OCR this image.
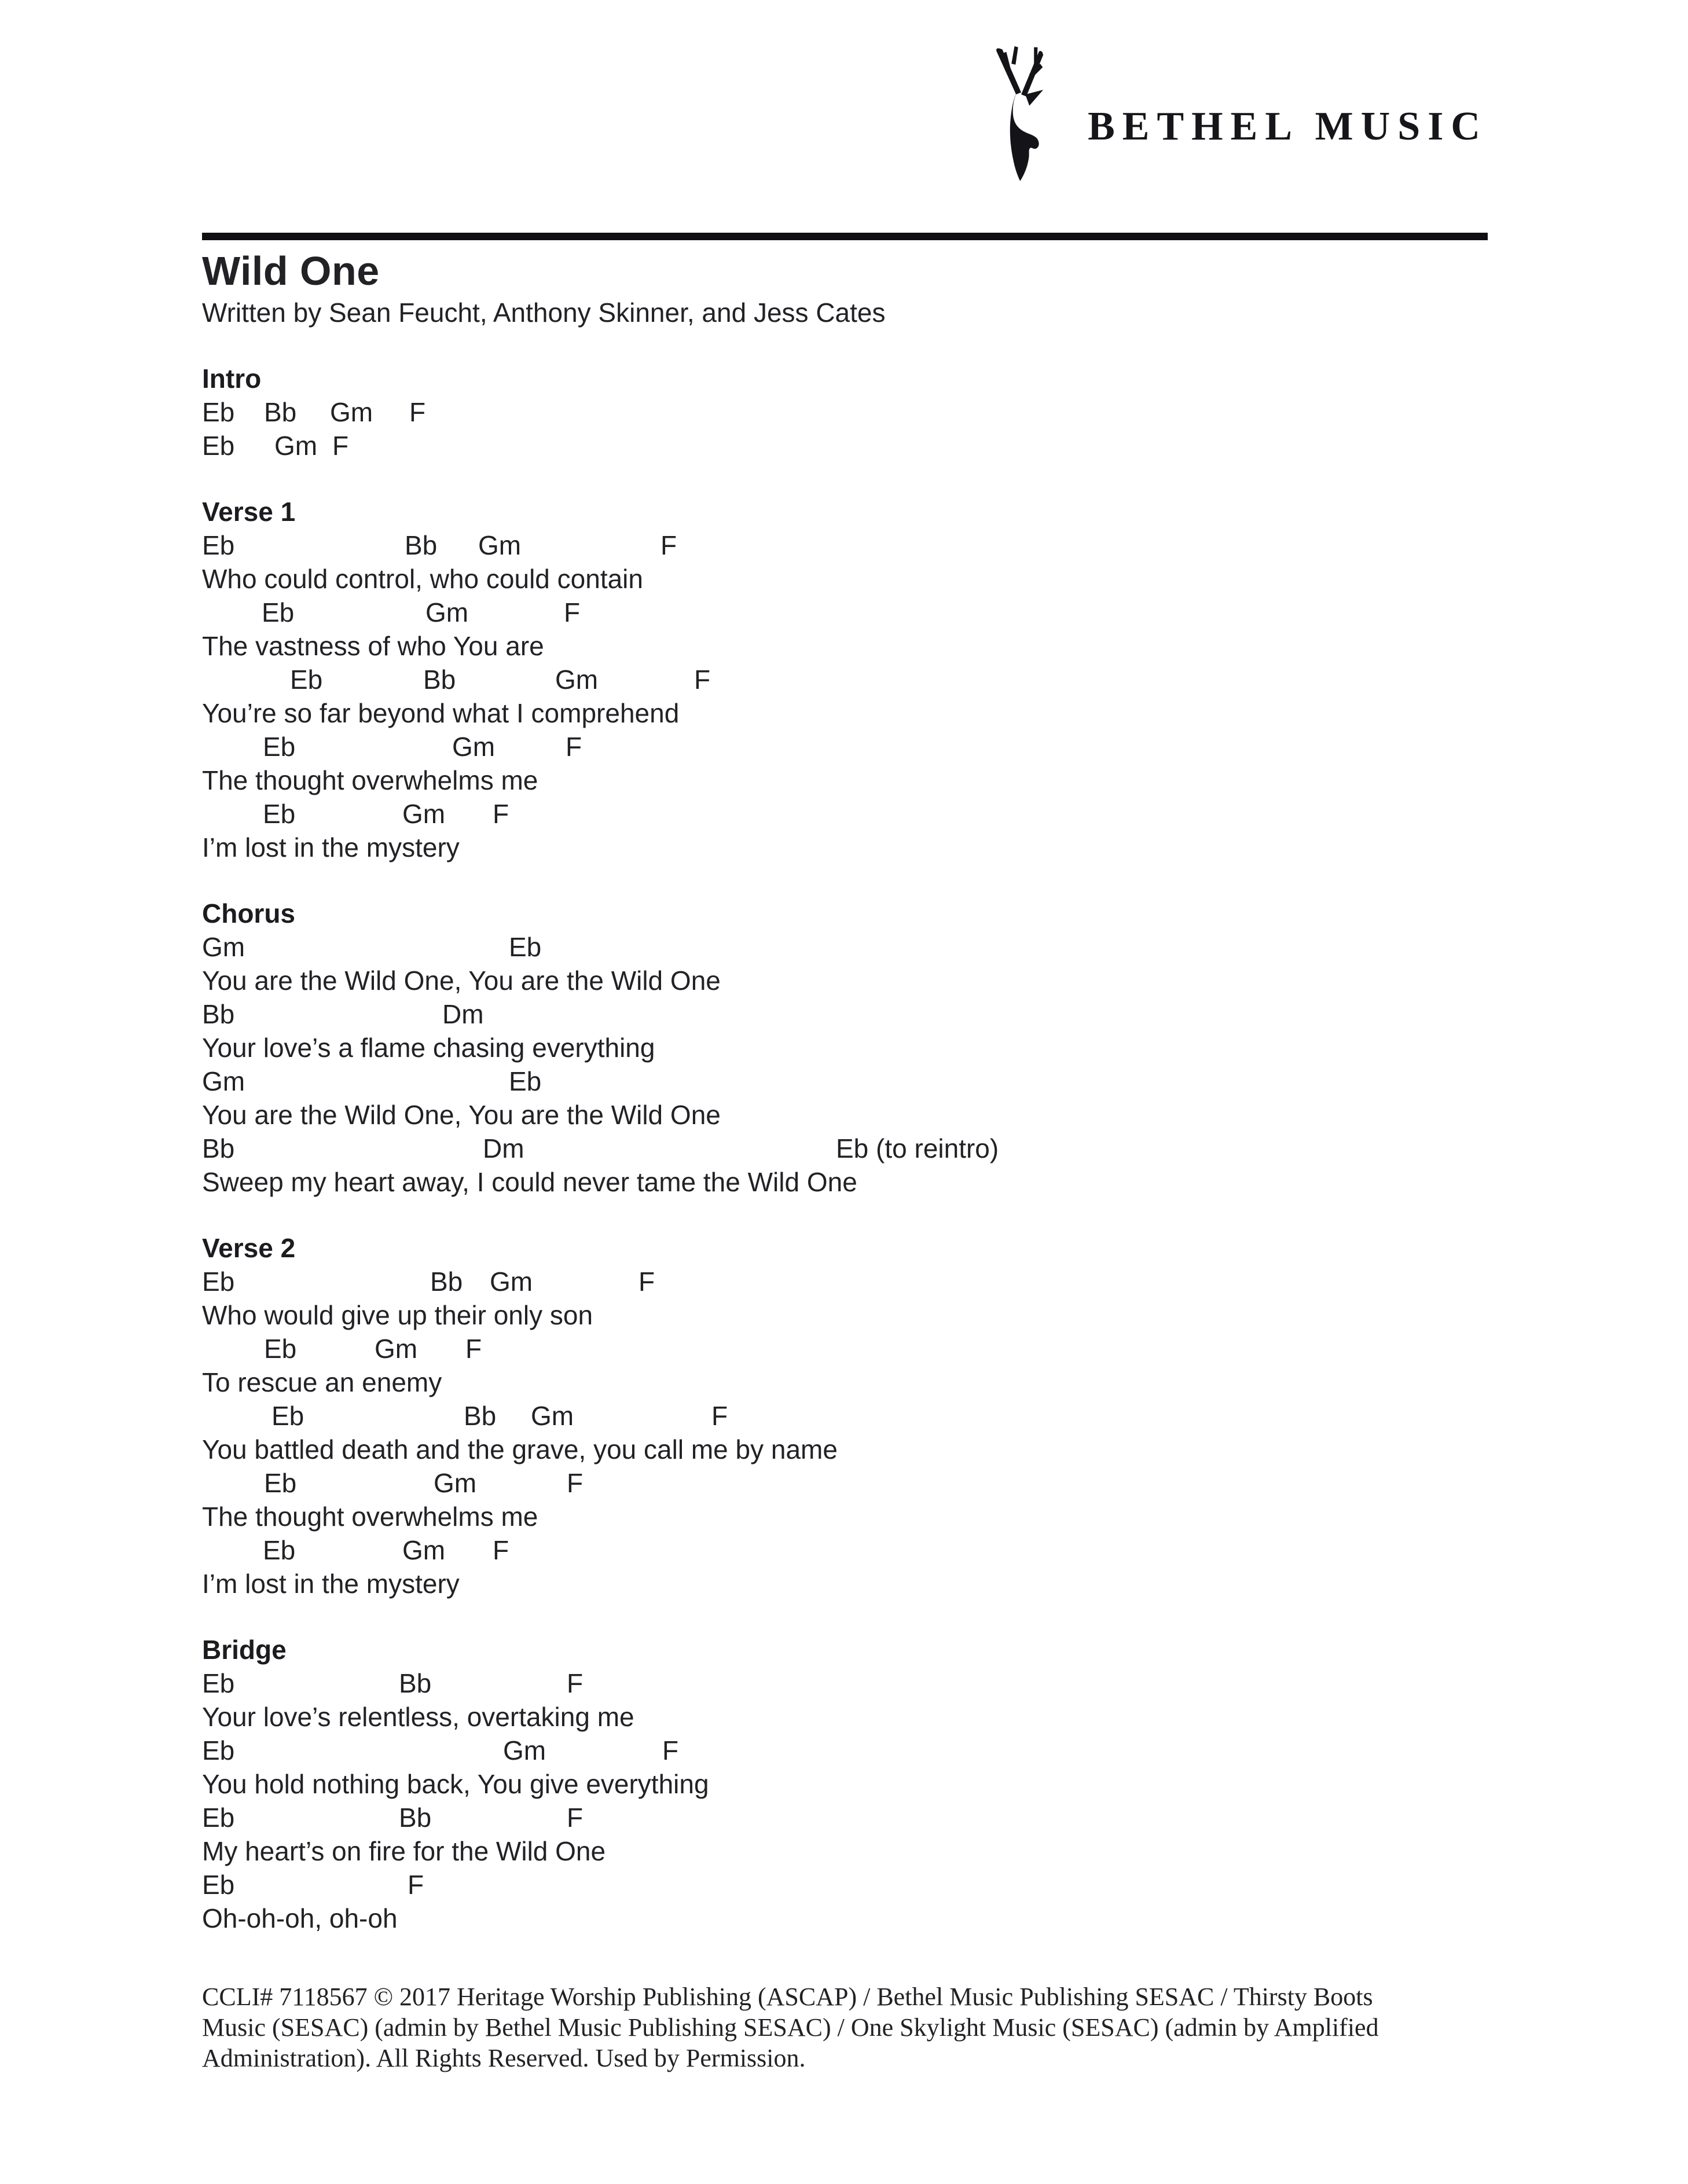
BETHEL MUSIC
Wild One
Written by Sean Feucht, Anthony Skinner, and Jess Cates
Intro
Eb Bb Gm F
Eb Gm F
Verse 1
Eb	Bb Gm	F
Who could control, who could contain
Eb	Gm	F
The vastness of who You are
Eb	Bb	Gm	F
You’re so far beyond what I comprehend
Eb	Gm	F
The thought overwhelms me
Eb	Gm F
I’m lost in the mystery
Chorus
Gm	Eb
You are the Wild One, You are the Wild One
Bb	Dm
Your love’s a flame chasing everything
Gm	Eb
You are the Wild One, You are the Wild One
Bb	Dm	Eb (to reintro)
Sweep my heart away, I could never tame the Wild One
Verse 2
Eb	Bb Gm	F
Who would give up their only son
Eb	Gm F
To rescue an enemy
Eb	Bb Gm	F
You battled death and the grave, you call me by name
Eb	Gm	F
The thought overwhelms me
Eb	Gm F
I’m lost in the mystery
Bridge
Eb	Bb	F
Your love’s relentless, overtaking me
Eb	Gm	F
You hold nothing back, You give everything
Eb	Bb	F
My heart’s on fire for the Wild One
Eb	F
Oh-oh-oh, oh-oh
CCLI# 7118567 © 2017 Heritage Worship Publishing (ASCAP) / Bethel Music Publishing SESAC / Thirsty Boots
Music (SESAC) (admin by Bethel Music Publishing SESAC) / One Skylight Music (SESAC) (admin by Amplified
Administration). All Rights Reserved. Used by Permission.
